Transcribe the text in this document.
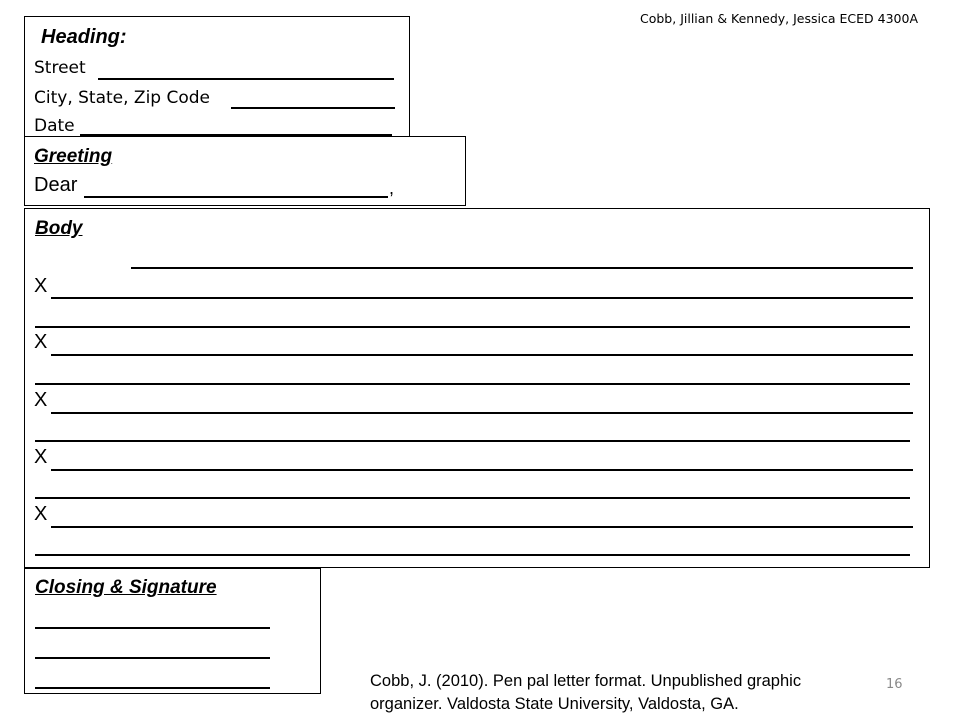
Cobb, Jillian & Kennedy, Jessica ECED 4300A
Heading:
Street
City, State, Zip Code
Date
Greeting
Dear	,
Body
X
X
X
X
X
Closing & Signature
Cobb, J. (2010). Pen pal letter format. Unpublished graphic
organizer. Valdosta State University, Valdosta, GA.
16
